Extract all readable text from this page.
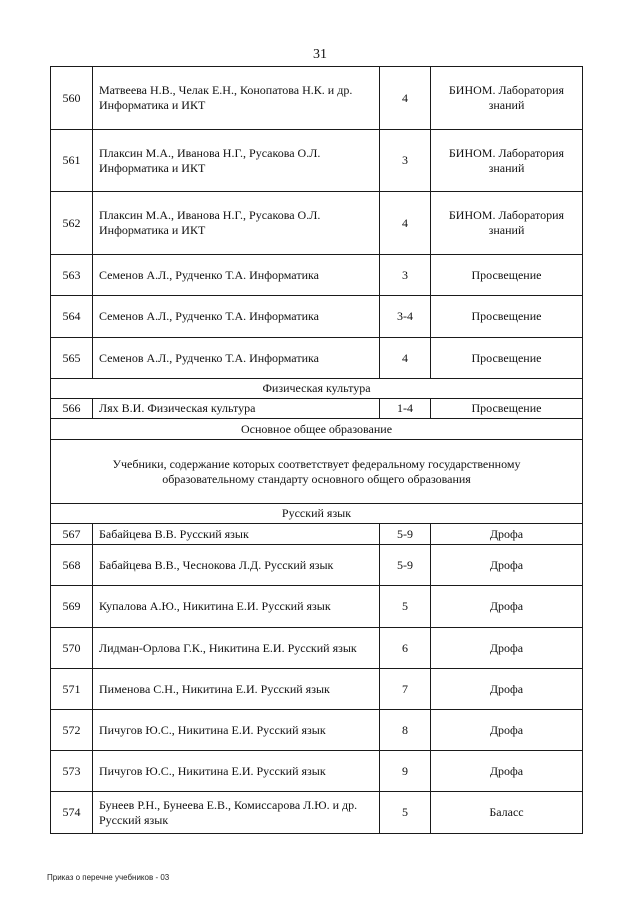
31
560	Матвеева Н.В., Челак Е.Н., Конопатова Н.К. и др. Информатика и ИКТ	4	БИНОМ. Лаборатория знаний
561	Плаксин М.А., Иванова Н.Г., Русакова О.Л. Информатика и ИКТ	3	БИНОМ. Лаборатория знаний
562	Плаксин М.А., Иванова Н.Г., Русакова О.Л. Информатика и ИКТ	4	БИНОМ. Лаборатория знаний
563	Семенов А.Л., Рудченко Т.А. Информатика	3	Просвещение
564	Семенов А.Л., Рудченко Т.А. Информатика	3-4	Просвещение
565	Семенов А.Л., Рудченко Т.А. Информатика	4	Просвещение
Физическая культура			
566	Лях В.И. Физическая культура	1-4	Просвещение
Основное общее образование			
Учебники, содержание которых соответствует федеральному государственному образовательному стандарту основного общего образования			
Русский язык			
567	Бабайцева В.В. Русский язык	5-9	Дрофа
568	Бабайцева В.В., Чеснокова Л.Д. Русский язык	5-9	Дрофа
569	Купалова А.Ю., Никитина Е.И. Русский язык	5	Дрофа
570	Лидман-Орлова Г.К., Никитина Е.И. Русский язык	6	Дрофа
571	Пименова С.Н., Никитина Е.И. Русский язык	7	Дрофа
572	Пичугов Ю.С., Никитина Е.И. Русский язык	8	Дрофа
573	Пичугов Ю.С., Никитина Е.И. Русский язык	9	Дрофа
574	Бунеев Р.Н., Бунеева Е.В., Комиссарова Л.Ю. и др. Русский язык	5	Баласс
Приказ о перечне учебников - 03
